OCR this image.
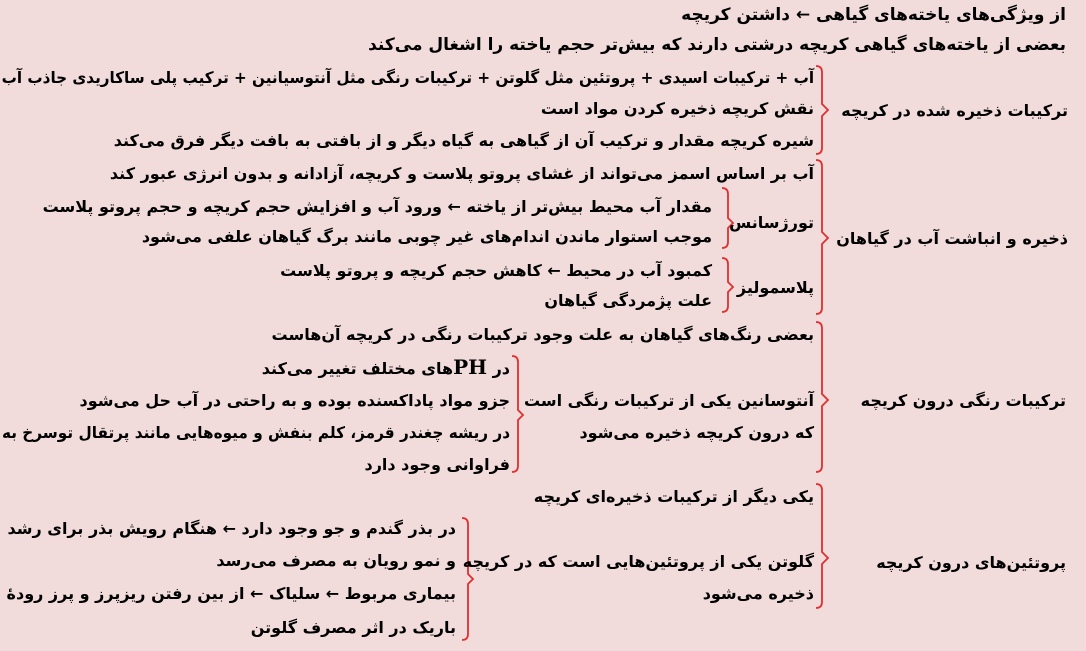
از ویژگی‌های یاخته‌های گیاهی ← داشتن کریچه
بعضی از یاخته‌های گیاهی کریچه درشتی دارند که بیش‌تر حجم یاخته را اشغال می‌کند
ترکیبات ذخیره شده در کریچه
آب + ترکیبات اسیدی + پروتئین مثل گلوتن + ترکیبات رنگی مثل آنتوسیانین + ترکیب پلی ساکاریدی جاذب آب
نقش کریچه ذخیره کردن مواد است
شیره کریچه مقدار و ترکیب آن از گیاهی به گیاه دیگر و از بافتی به بافت دیگر فرق می‌کند
ذخیره و انباشت آب در گیاهان
آب بر اساس اسمز می‌تواند از غشای پروتو پلاست و کریچه، آزادانه و بدون انرژی عبور کند
تورژسانس
مقدار آب محیط بیش‌تر از یاخته ← ورود آب و افزایش حجم کریچه و حجم پروتو پلاست
موجب استوار ماندن اندام‌های غیر چوبی مانند برگ گیاهان علفی می‌شود
پلاسمولیز
کمبود آب در محیط ← کاهش حجم کریچه و پروتو پلاست
علت پژمردگی گیاهان
ترکیبات رنگی درون کریچه
بعضی رنگ‌های گیاهان به علت وجود ترکیبات رنگی در کریچه آن‌هاست
آنتوسانین یکی از ترکیبات رنگی است
که درون کریچه ذخیره می‌شود
در PHهای مختلف تغییر می‌کند
جزو مواد پاداکسنده بوده و به راحتی در آب حل می‌شود
در ریشه چغندر قرمز، کلم بنفش و میوه‌هایی مانند پرتقال توسرخ به
فراوانی وجود دارد
پروتئین‌های درون کریچه
یکی دیگر از ترکیبات ذخیره‌ای کریچه
گلوتن یکی از پروتئین‌هایی است که در کریچه
ذخیره می‌شود
در بذر گندم و جو وجود دارد ← هنگام رویش بذر برای رشد
و نمو رویان به مصرف می‌رسد
بیماری مربوط ← سلیاک ← از بین رفتن ریزپرز و پرز رودهٔ
باریک در اثر مصرف گلوتن
